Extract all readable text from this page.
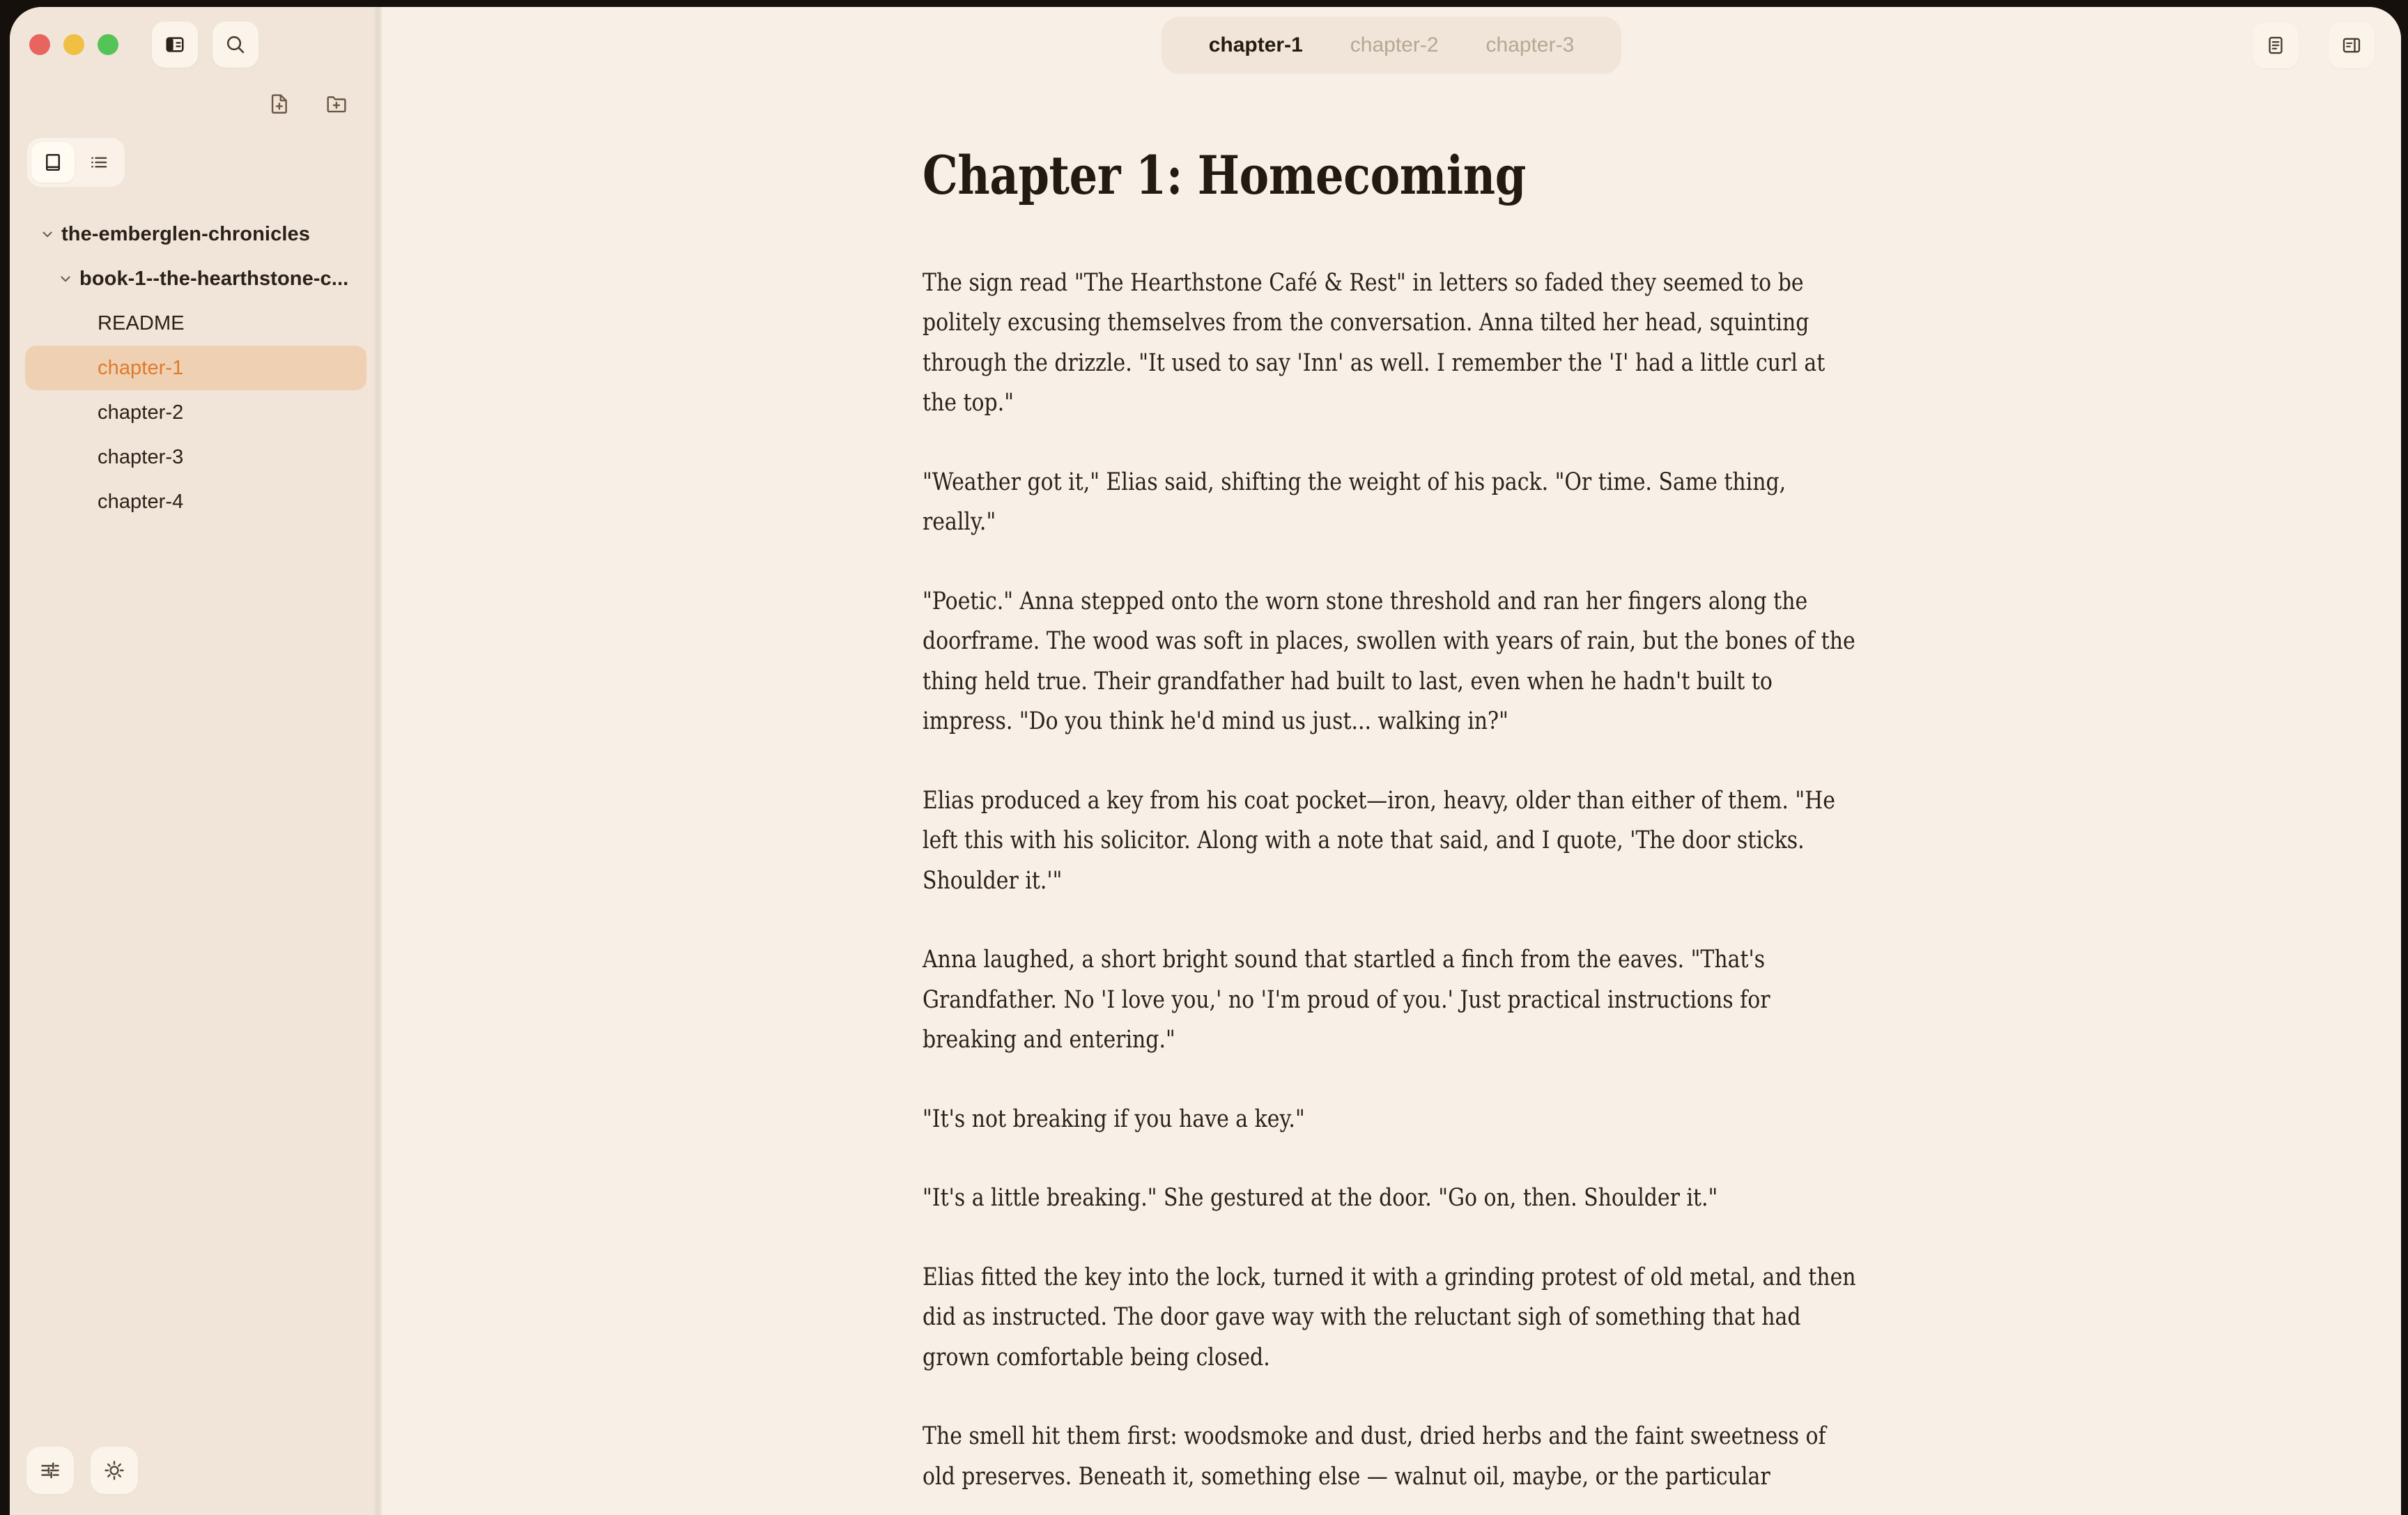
the-emberglen-chronicles
book-1--the-hearthstone-c...
README
chapter-1
chapter-2
chapter-3
chapter-4
chapter-1	chapter-2	chapter-3
Chapter 1: Homecoming

The sign read "The Hearthstone Café & Rest" in letters so faded they seemed to be politely excusing themselves from the conversation. Anna tilted her head, squinting through the drizzle. "It used to say 'Inn' as well. I remember the 'I' had a little curl at the top."

"Weather got it," Elias said, shifting the weight of his pack. "Or time. Same thing, really."

"Poetic." Anna stepped onto the worn stone threshold and ran her fingers along the doorframe. The wood was soft in places, swollen with years of rain, but the bones of the thing held true. Their grandfather had built to last, even when he hadn't built to impress. "Do you think he'd mind us just... walking in?"

Elias produced a key from his coat pocket—iron, heavy, older than either of them. "He left this with his solicitor. Along with a note that said, and I quote, 'The door sticks. Shoulder it.'"

Anna laughed, a short bright sound that startled a finch from the eaves. "That's Grandfather. No 'I love you,' no 'I'm proud of you.' Just practical instructions for breaking and entering."

"It's not breaking if you have a key."

"It's a little breaking." She gestured at the door. "Go on, then. Shoulder it."

Elias fitted the key into the lock, turned it with a grinding protest of old metal, and then did as instructed. The door gave way with the reluctant sigh of something that had grown comfortable being closed.

The smell hit them first: woodsmoke and dust, dried herbs and the faint sweetness of old preserves. Beneath it, something else — walnut oil, maybe, or the particular
